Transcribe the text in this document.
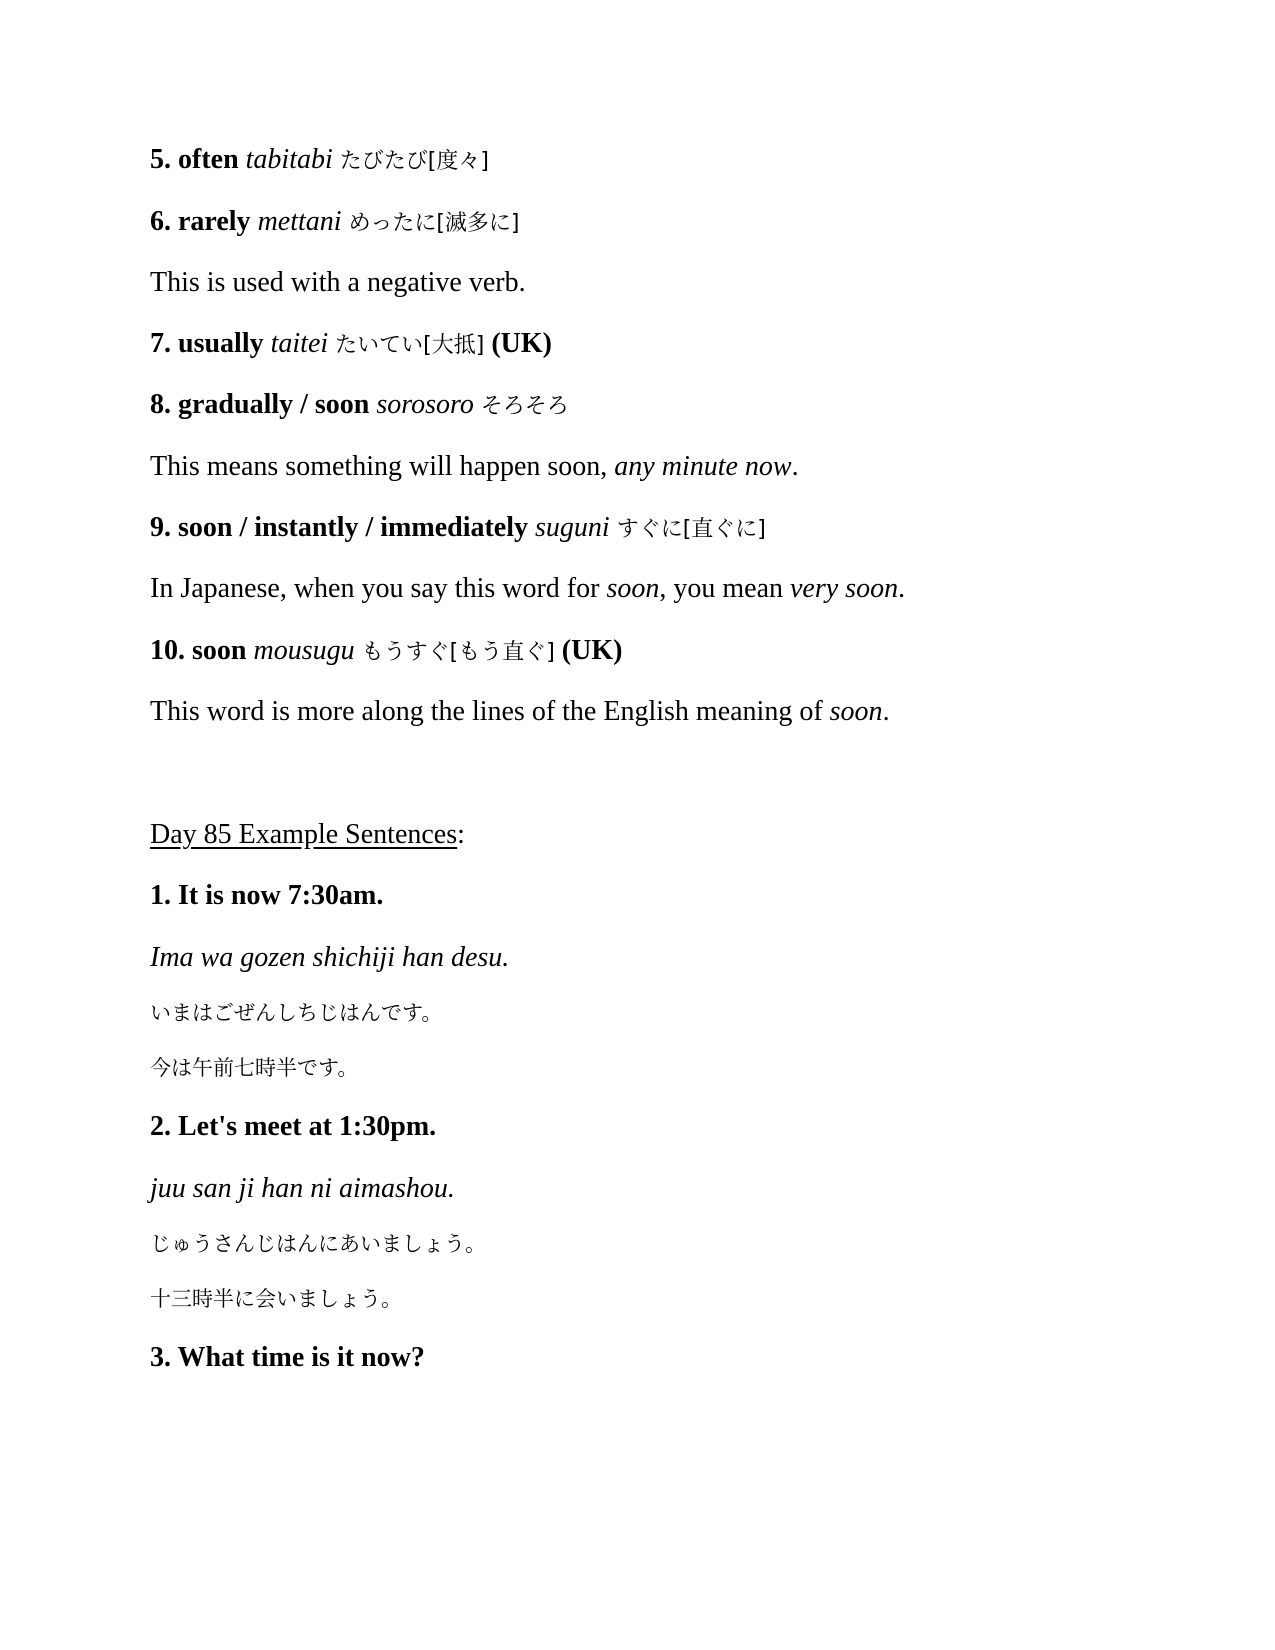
5. often tabitabi たびたび[度々]
6. rarely mettani めったに[滅多に]
This is used with a negative verb.
7. usually taitei たいてい[大抵] (UK)
8. gradually / soon sorosoro そろそろ
This means something will happen soon, any minute now.
9. soon / instantly / immediately suguni すぐに[直ぐに]
In Japanese, when you say this word for soon, you mean very soon.
10. soon mousugu もうすぐ[もう直ぐ] (UK)
This word is more along the lines of the English meaning of soon.
Day 85 Example Sentences:
1. It is now 7:30am.
Ima wa gozen shichiji han desu.
いまはごぜんしちじはんです。
今は午前七時半です。
2. Let's meet at 1:30pm.
juu san ji han ni aimashou.
じゅうさんじはんにあいましょう。
十三時半に会いましょう。
3. What time is it now?
